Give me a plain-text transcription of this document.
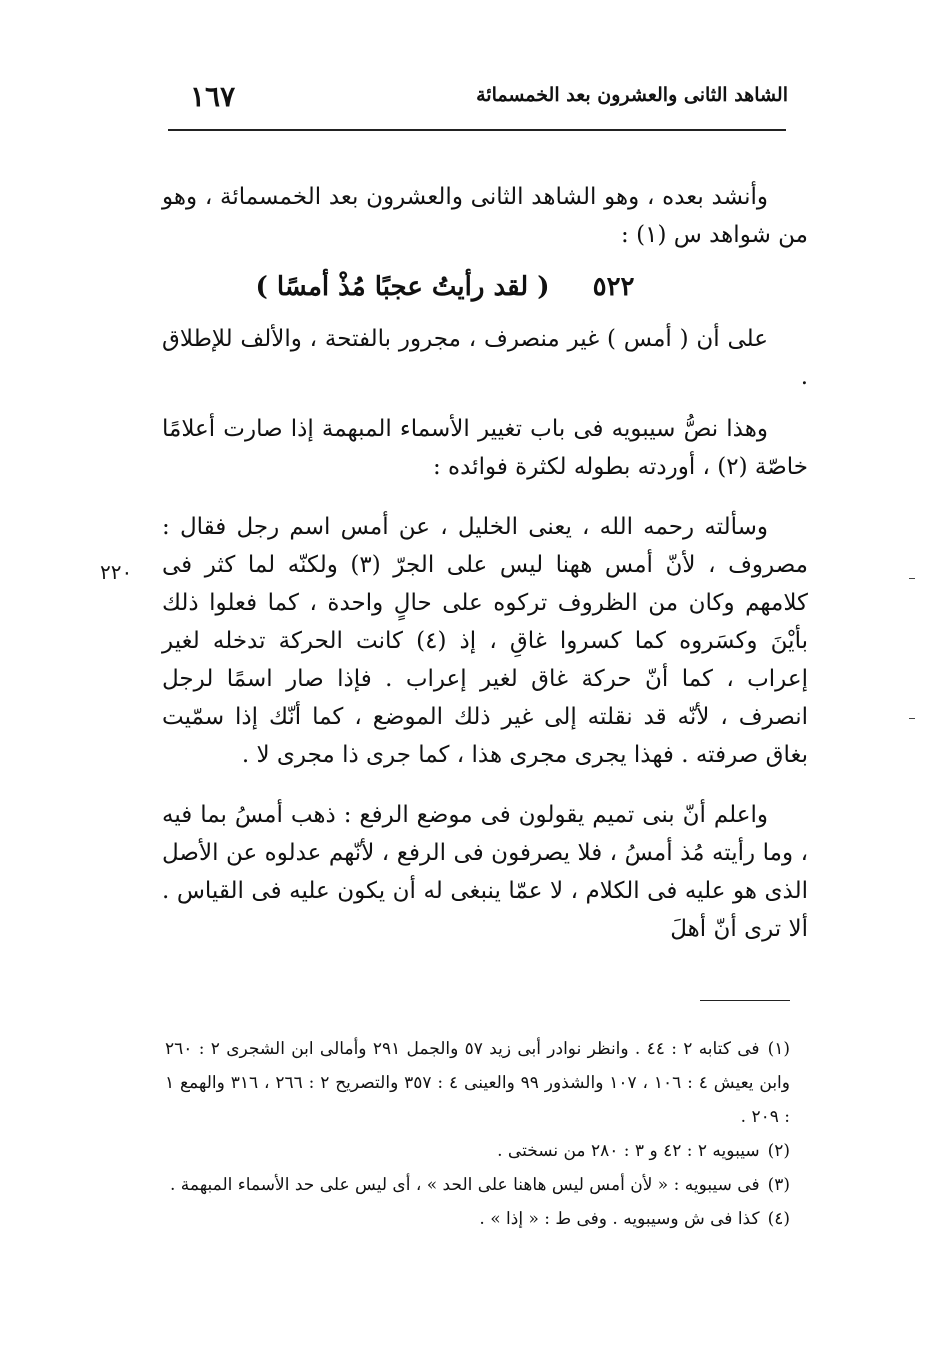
الشاهد الثانى والعشرون بعد الخمسمائة
١٦٧
٢٢٠

وأنشد بعده ، وهو الشاهد الثانى والعشرون بعد الخمسمائة ، وهو من شواهد س (١) :

٥٢٢ ( لقد رأيتُ عجبًا مُذْ أمسًا )

على أن ( أمس ) غير منصرف ، مجرور بالفتحة ، والألف للإطلاق .

وهذا نصُّ سيبويه فى باب تغيير الأسماء المبهمة إذا صارت أعلامًا خاصّة (٢) ، أوردته بطوله لكثرة فوائده :

وسألته رحمه الله ، يعنى الخليل ، عن أمس اسم رجل فقال : مصروف ، لأنّ أمس ههنا ليس على الجرّ (٣) ولكنّه لما كثر فى كلامهم وكان من الظروف تركوه على حالٍ واحدة ، كما فعلوا ذلك بأيْنَ وكسَروه كما كسروا غاقِ ، إذ (٤) كانت الحركة تدخله لغير إعراب ، كما أنّ حركة غاق لغير إعراب . فإذا صار اسمًا لرجل انصرف ، لأنّه قد نقلته إلى غير ذلك الموضع ، كما أنّك إذا سمّيت بغاق صرفته . فهذا يجرى مجرى هذا ، كما جرى ذا مجرى لا .

واعلم أنّ بنى تميم يقولون فى موضع الرفع : ذهب أمسُ بما فيه ، وما رأيته مُذ أمسُ ، فلا يصرفون فى الرفع ، لأنّهم عدلوه عن الأصل الذى هو عليه فى الكلام ، لا عمّا ينبغى له أن يكون عليه فى القياس . ألا ترى أنّ أهلَ

(١)فى كتابه ٢ : ٤٤ . وانظر نوادر أبى زيد ٥٧ والجمل ٢٩١ وأمالى ابن الشجرى ٢ : ٢٦٠ وابن يعيش ٤ : ١٠٦ ، ١٠٧ والشذور ٩٩ والعينى ٤ : ٣٥٧ والتصريح ٢ : ٢٦٦ ، ٣١٦ والهمع ١ : ٢٠٩ .

(٢)سيبويه ٢ : ٤٢ و ٣ : ٢٨٠ من نسختى .

(٣)فى سيبويه : « لأن أمس ليس هاهنا على الحد » ، أى ليس على حد الأسماء المبهمة .

(٤)كذا فى ش وسيبويه . وفى ط : « إذا » .
